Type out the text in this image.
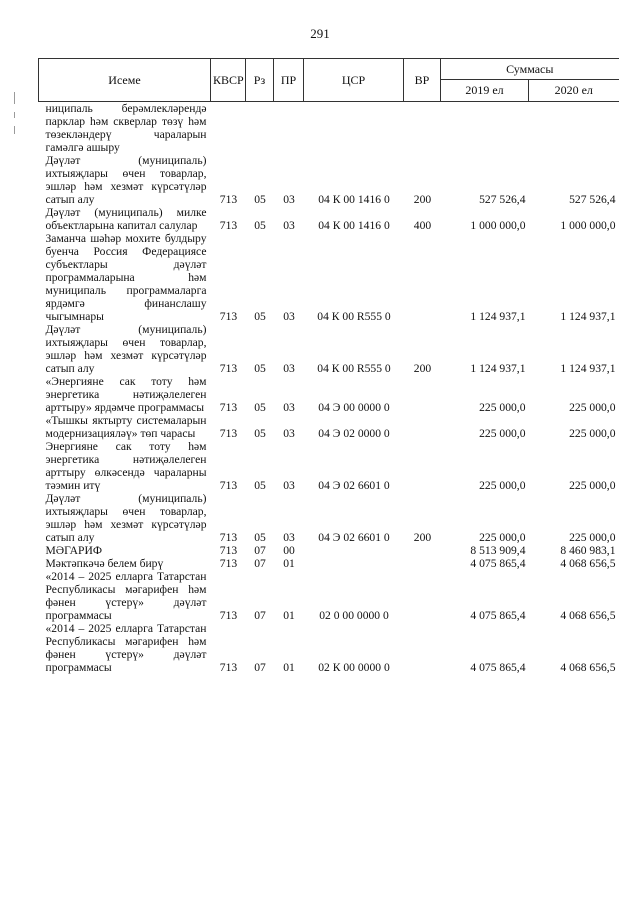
291
Исеме	КВСР	Рз	ПР	ЦСР	ВР	Суммасы	
						2019 ел	2020 ел
ниципаль берәмлекләрендә парклар һәм скверлар төзү һәм төзекләндерү чараларын гамәлгә ашыру							
Дәүләт (муниципаль) ихтыяҗлары өчен товарлар, эшләр һәм хезмәт күрсәтүләр сатып алу	713	05	03	04 К 00 1416 0	200	527 526,4	527 526,4
Дәүләт (муниципаль) милке объектларына капитал салулар	713	05	03	04 К 00 1416 0	400	1 000 000,0	1 000 000,0
Заманча шәһәр мохите булдыру буенча Россия Федерациясе субъектлары дәүләт программаларына һәм муниципаль программаларга ярдәмгә финанслашу чыгымнары	713	05	03	04 К 00 R555 0		1 124 937,1	1 124 937,1
Дәүләт (муниципаль) ихтыяҗлары өчен товарлар, эшләр һәм хезмәт күрсәтүләр сатып алу	713	05	03	04 К 00 R555 0	200	1 124 937,1	1 124 937,1
«Энергияне сак тоту һәм энергетика нәтиҗәлелеген арттыру» ярдәмче программасы	713	05	03	04 Э 00 0000 0		225 000,0	225 000,0
«Тышкы яктырту системаларын модернизацияләү» төп чарасы	713	05	03	04 Э 02 0000 0		225 000,0	225 000,0
Энергияне сак тоту һәм энергетика нәтиҗәлелеген арттыру өлкәсендә чараларны тәэмин итү	713	05	03	04 Э 02 6601 0		225 000,0	225 000,0
Дәүләт (муниципаль) ихтыяҗлары өчен товарлар, эшләр һәм хезмәт күрсәтүләр сатып алу	713	05	03	04 Э 02 6601 0	200	225 000,0	225 000,0
МӘГАРИФ	713	07	00			8 513 909,4	8 460 983,1
Мәктәпкәчә белем бирү	713	07	01			4 075 865,4	4 068 656,5
«2014 – 2025 елларга Татарстан Республикасы мәгарифен һәм фәнен үстерү» дәүләт программасы	713	07	01	02 0 00 0000 0		4 075 865,4	4 068 656,5
«2014 – 2025 елларга Татарстан Республикасы мәгарифен һәм фәнен үстерү» дәүләт программасы	713	07	01	02 К 00 0000 0		4 075 865,4	4 068 656,5
